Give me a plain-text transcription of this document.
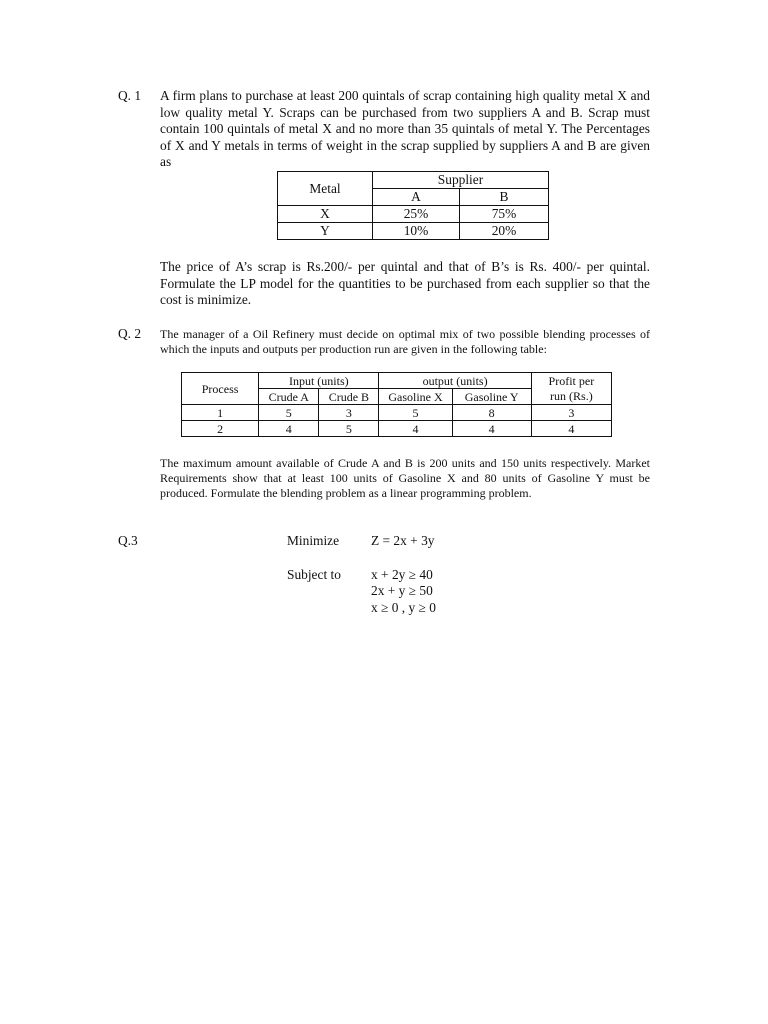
Q. 1 A firm plans to purchase at least 200 quintals of scrap containing high quality metal X and low quality metal Y. Scraps can be purchased from two suppliers A and B. Scrap must contain 100 quintals of metal X and no more than 35 quintals of metal Y. The Percentages of X and Y metals in terms of weight in the scrap supplied by suppliers A and B are given as
Metal	Supplier	
	A	B
X	25%	75%
Y	10%	20%
The price of A’s scrap is Rs.200/- per quintal and that of B’s is Rs. 400/- per quintal. Formulate the LP model for the quantities to be purchased from each supplier so that the cost is minimize.
Q. 2 The manager of a Oil Refinery must decide on optimal mix of two possible blending processes of which the inputs and outputs per production run are given in the following table:
Process	Input (units)		output (units)		Profit per
	Crude A	Crude B	Gasoline X	Gasoline Y	run (Rs.)
1	5	3	5	8	3
2	4	5	4	4	4
The maximum amount available of Crude A and B is 200 units and 150 units respectively. Market Requirements show that at least 100 units of Gasoline X and 80 units of Gasoline Y must be produced. Formulate the blending problem as a linear programming problem.
Q.3	Minimize Z = 2x + 3y
Subject to x + 2y ≥ 40
2x + y ≥ 50
x ≥ 0 , y ≥ 0
